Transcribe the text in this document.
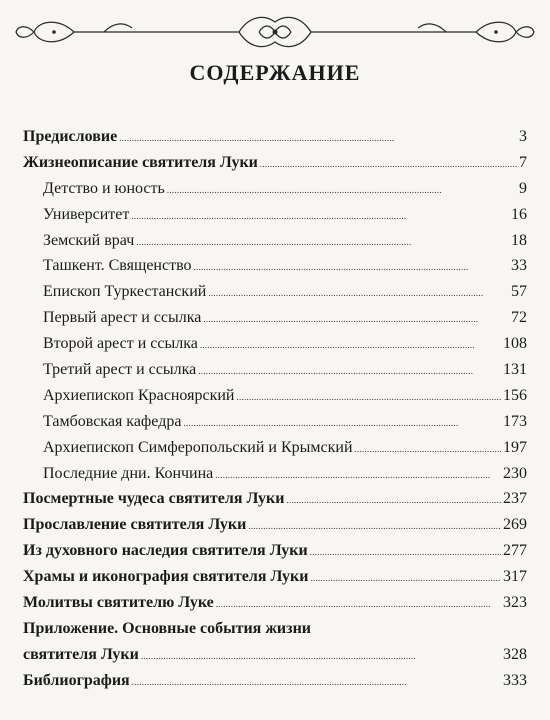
СОДЕРЖАНИЕ
Предисловие . . .	3
Жизнеописание святителя Луки . . .	7
Детство и юность . . .	9
Университет . . .	16
Земский врач . . .	18
Ташкент. Священство . . .	33
Епископ Туркестанский . . .	57
Первый арест и ссылка . . .	72
Второй арест и ссылка . . .	108
Третий арест и ссылка . . .	131
Архиепископ Красноярский . . .	156
Тамбовская кафедра . . .	173
Архиепископ Симферопольский и Крымский . . .	197
Последние дни. Кончина . . .	230
Посмертные чудеса святителя Луки . . .	237
Прославление святителя Луки . . .	269
Из духовного наследия святителя Луки . . .	277
Храмы и иконография святителя Луки . . .	317
Молитвы святителю Луке . . .	323
Приложение. Основные события жизни
святителя Луки . . .	328
Библиография . . .	333
